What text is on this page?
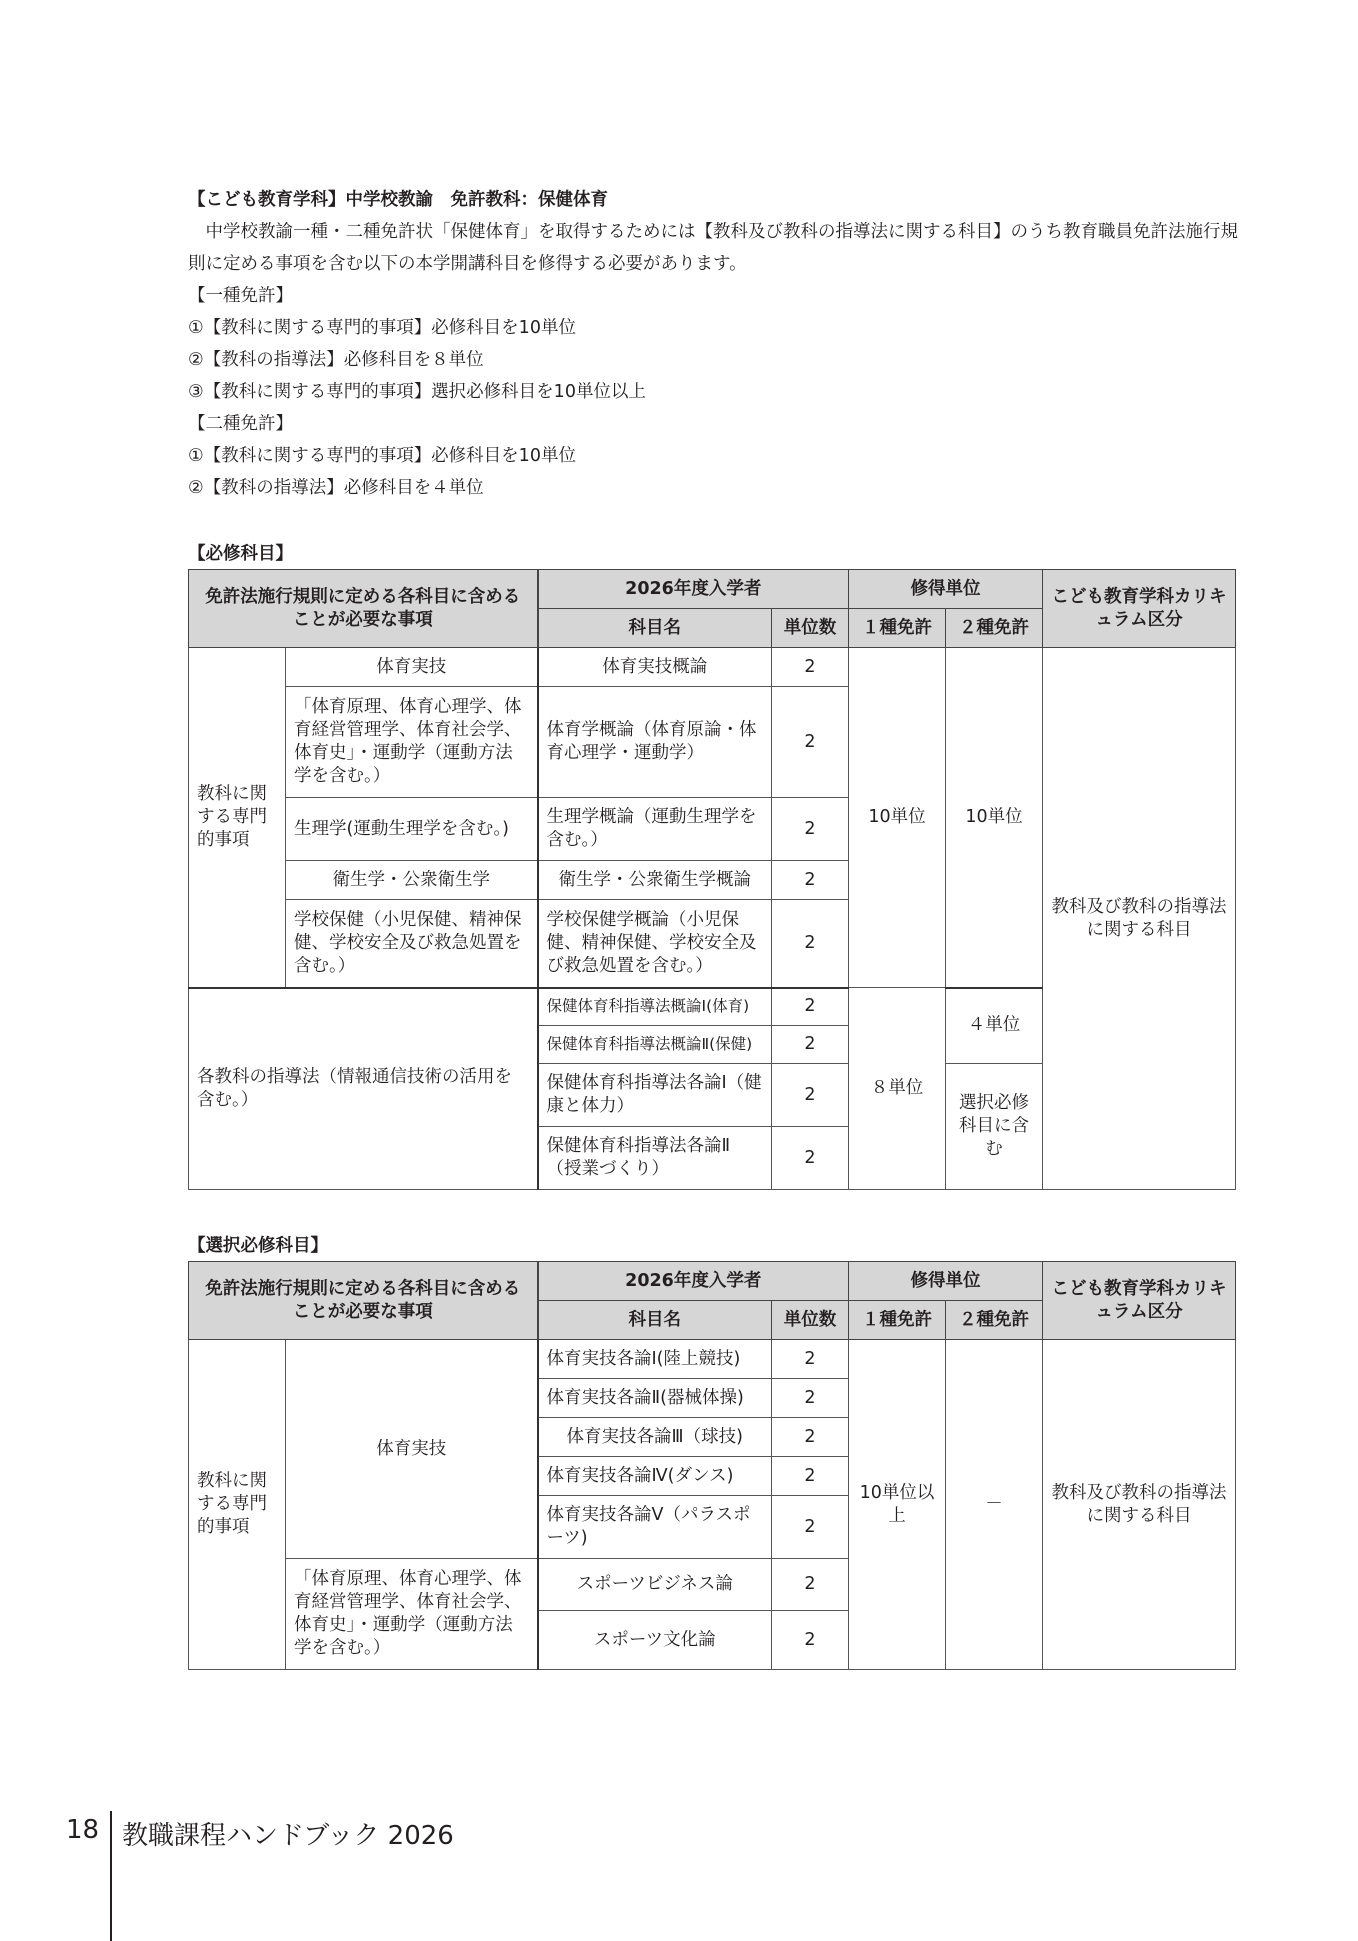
【こども教育学科】中学校教諭　免許教科：保健体育
中学校教諭一種・二種免許状「保健体育」を取得するためには【教科及び教科の指導法に関する科目】のうち教育職員免許法施行規則に定める事項を含む以下の本学開講科目を修得する必要があります。
【一種免許】
①【教科に関する専門的事項】必修科目を10単位
②【教科の指導法】必修科目を８単位
③【教科に関する専門的事項】選択必修科目を10単位以上
【二種免許】
①【教科に関する専門的事項】必修科目を10単位
②【教科の指導法】必修科目を４単位
【必修科目】
免許法施行規則に定める各科目に含めることが必要な事項		2026年度入学者		修得単位		こども教育学科カリキュラム区分
		科目名	単位数	１種免許	２種免許	
教科に関する専門的事項	体育実技	体育実技概論	2	10単位	10単位	教科及び教科の指導法に関する科目
	「体育原理、体育心理学、体育経営管理学、体育社会学、体育史」・運動学（運動方法学を含む。）	体育学概論（体育原論・体育心理学・運動学）	2			
	生理学(運動生理学を含む。)	生理学概論（運動生理学を含む。）	2			
	衛生学・公衆衛生学	衛生学・公衆衛生学概論	2			
	学校保健（小児保健、精神保健、学校安全及び救急処置を含む。）	学校保健学概論（小児保健、精神保健、学校安全及び救急処置を含む。）	2			
各教科の指導法（情報通信技術の活用を含む。）		保健体育科指導法概論Ⅰ(体育)	2	８単位	４単位	
		保健体育科指導法概論Ⅱ(保健)	2			
		保健体育科指導法各論Ⅰ（健康と体力）	2		選択必修科目に含む	
		保健体育科指導法各論Ⅱ（授業づくり）	2			
【選択必修科目】
免許法施行規則に定める各科目に含めることが必要な事項		2026年度入学者		修得単位		こども教育学科カリキュラム区分
		科目名	単位数	１種免許	２種免許	
教科に関する専門的事項	体育実技	体育実技各論Ⅰ(陸上競技)	2	10単位以上	－	教科及び教科の指導法に関する科目
		体育実技各論Ⅱ(器械体操)	2			
		体育実技各論Ⅲ（球技)	2			
		体育実技各論Ⅳ(ダンス)	2			
		体育実技各論Ⅴ（パラスポーツ)	2			
	「体育原理、体育心理学、体育経営管理学、体育社会学、体育史」・運動学（運動方法学を含む。）	スポーツビジネス論	2			
		スポーツ文化論	2			
18 教職課程ハンドブック 2026
